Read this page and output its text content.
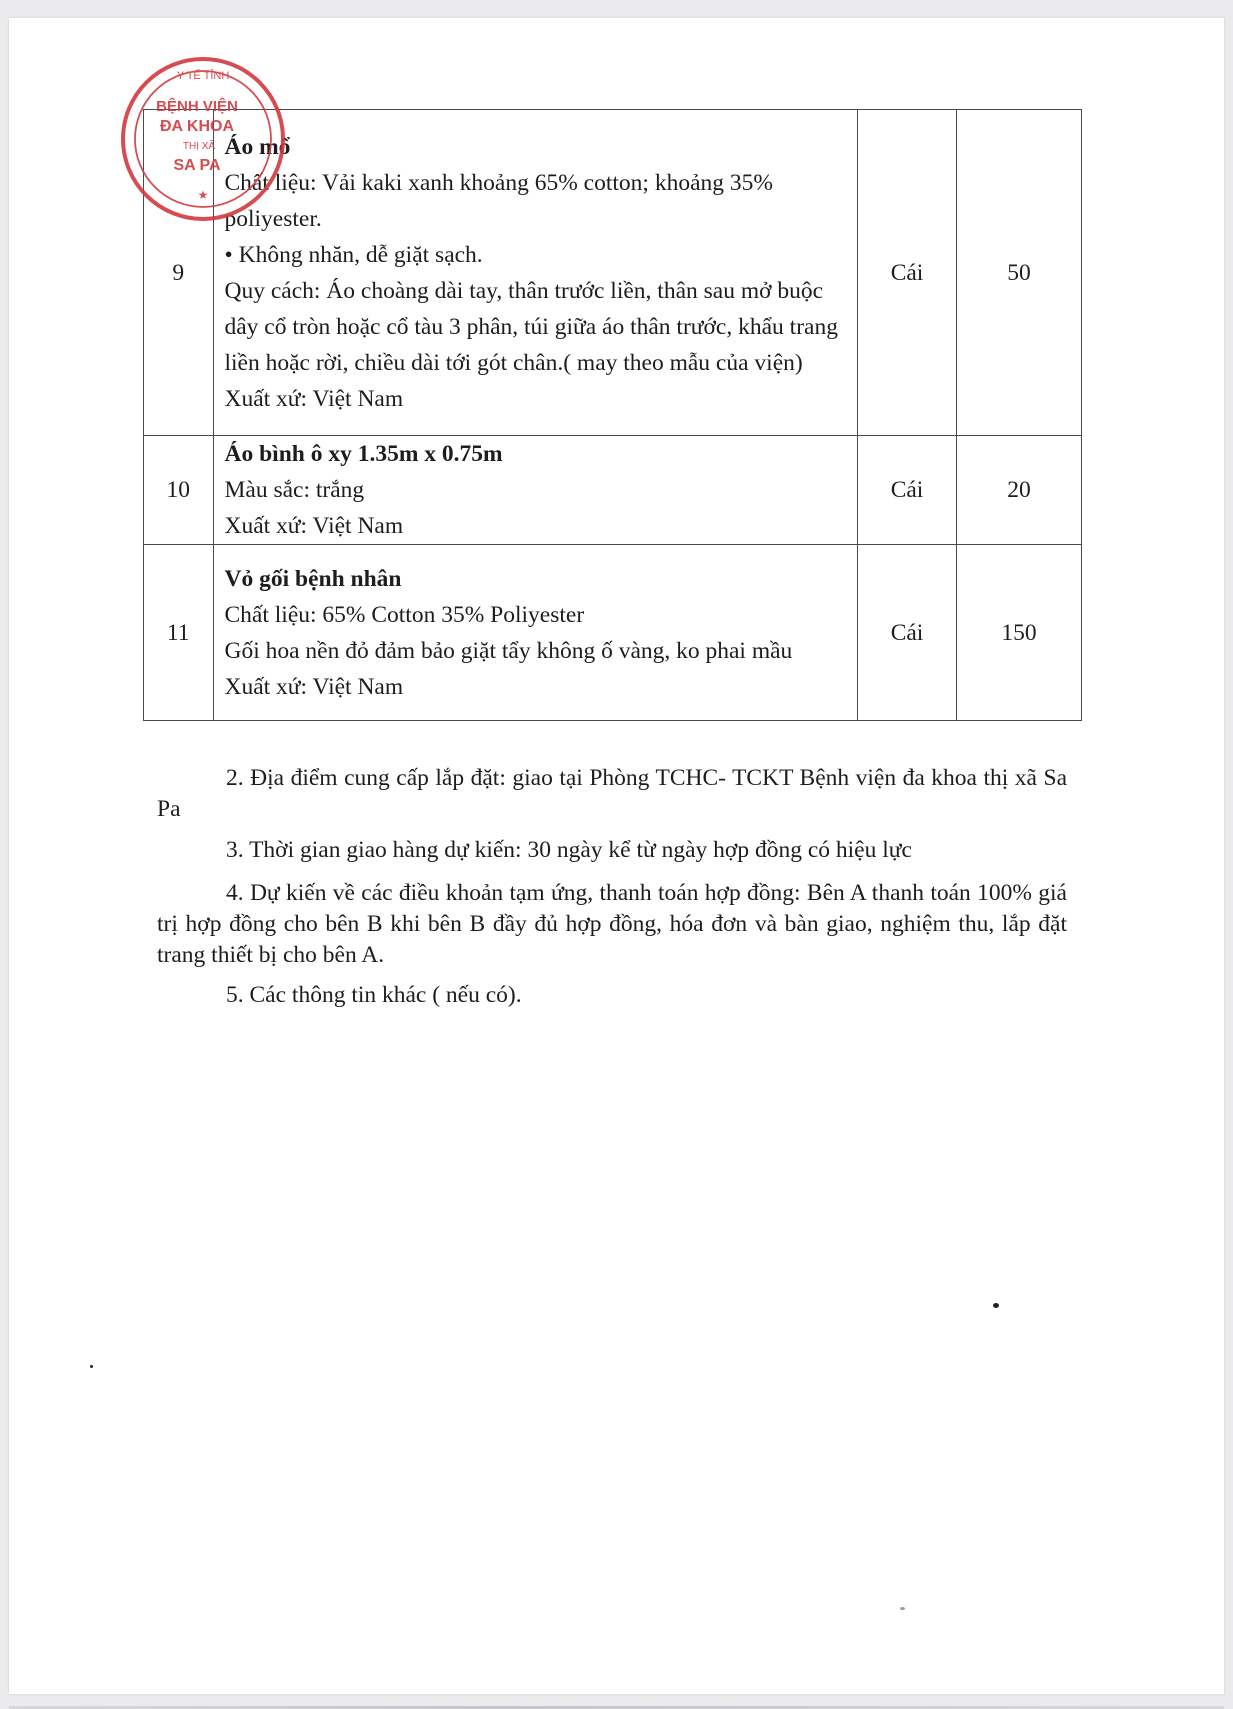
9	Áo mổ
Chất liệu: Vải kaki xanh khoảng 65% cotton; khoảng 35% poliyester.
• Không nhăn, dễ giặt sạch.
Quy cách: Áo choàng dài tay, thân trước liền, thân sau mở buộc dây cổ tròn hoặc cổ tàu 3 phân, túi giữa áo thân trước, khẩu trang liền hoặc rời, chiều dài tới gót chân.( may theo mẫu của viện)
Xuất xứ: Việt Nam	Cái	50
10	Áo bình ô xy 1.35m x 0.75m
Màu sắc: trắng
Xuất xứ: Việt Nam	Cái	20
11	Vỏ gối bệnh nhân
Chất liệu: 65% Cotton 35% Poliyester
Gối hoa nền đỏ đảm bảo giặt tẩy không ố vàng, ko phai mầu
Xuất xứ: Việt Nam	Cái	150
2. Địa điểm cung cấp lắp đặt: giao tại Phòng TCHC- TCKT Bệnh viện đa khoa thị xã Sa Pa
3. Thời gian giao hàng dự kiến: 30 ngày kể từ ngày hợp đồng có hiệu lực
4. Dự kiến về các điều khoản tạm ứng, thanh toán hợp đồng: Bên A thanh toán 100% giá trị hợp đồng cho bên B khi bên B đầy đủ hợp đồng, hóa đơn và bàn giao, nghiệm thu, lắp đặt trang thiết bị cho bên A.
5. Các thông tin khác ( nếu có).
Y TẾ TỈNH
BỆNH VIỆN
ĐA KHOA
THỊ XÃ
SA PA
★
